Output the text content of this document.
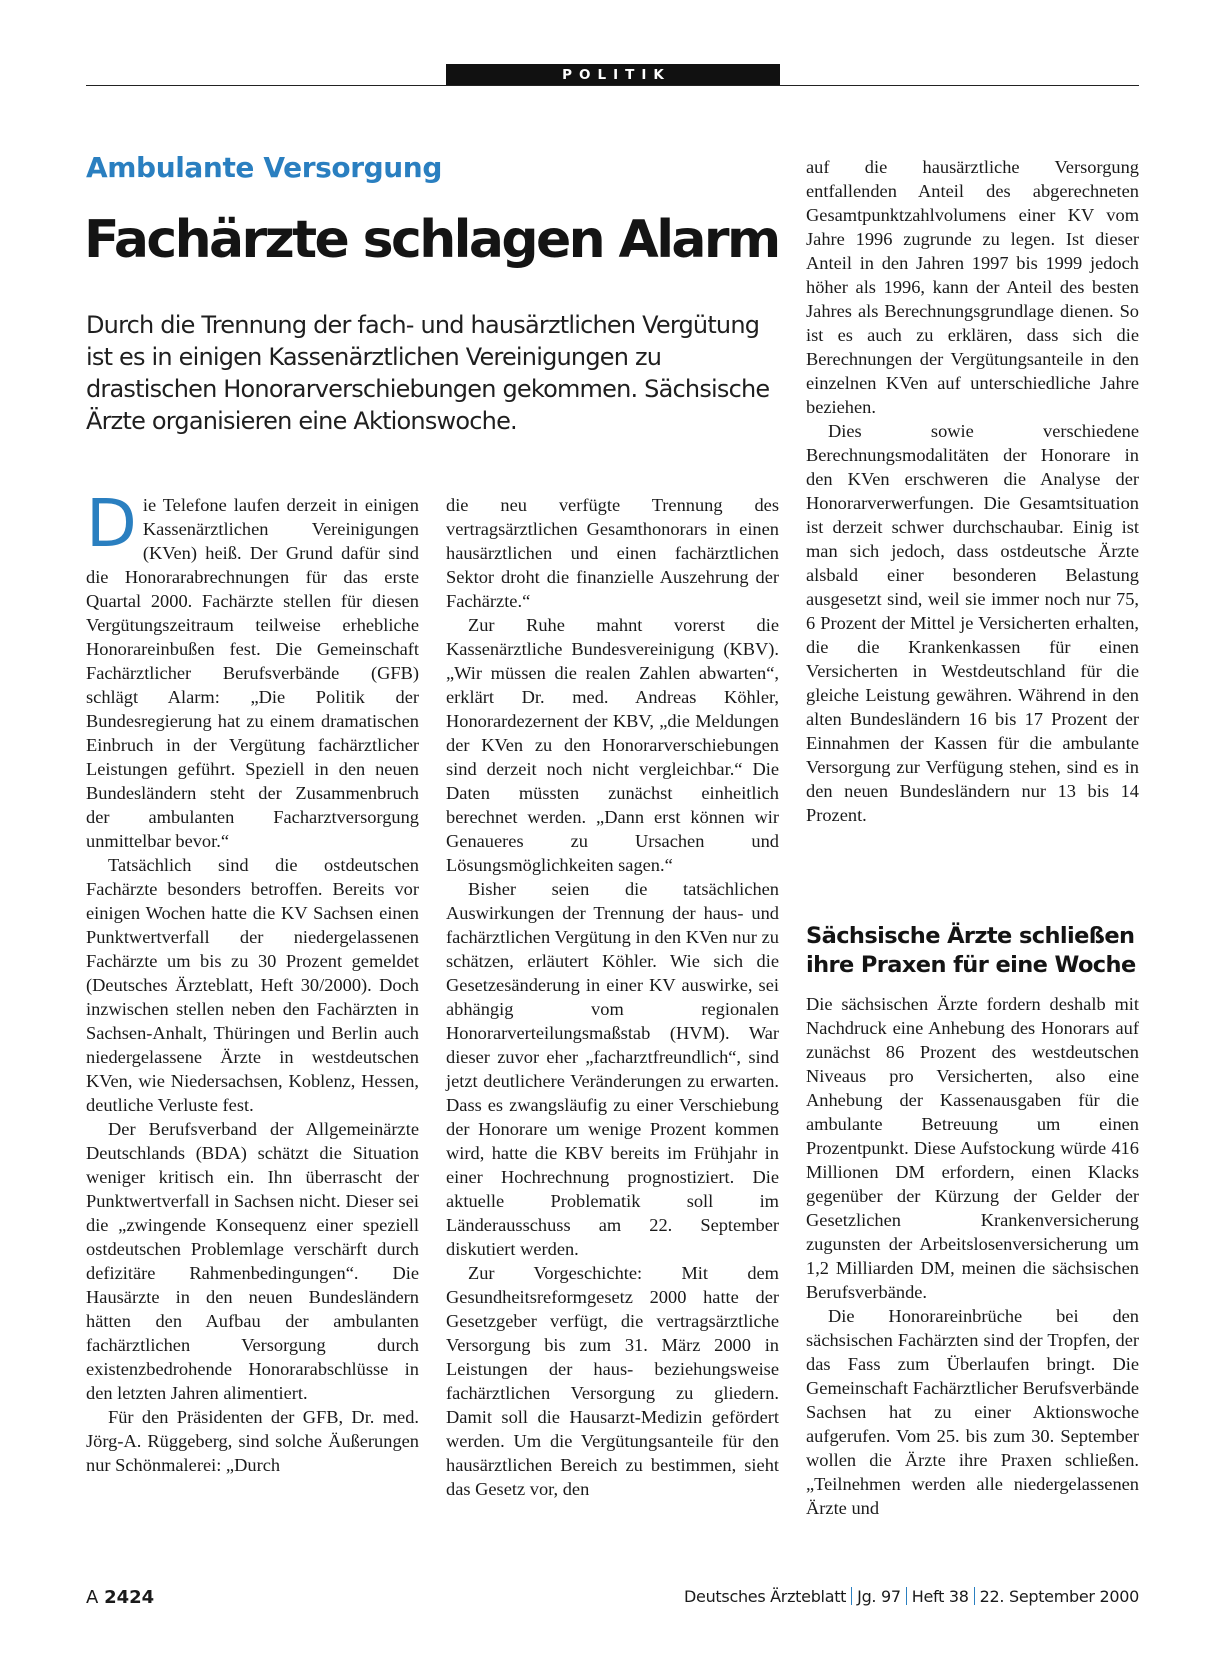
POLITIK
Ambulante Versorgung
Fachärzte schlagen Alarm

Durch die Trennung der fach- und hausärztlichen Vergütung ist es in einigen Kassenärztlichen Vereinigungen zu drastischen Honorarverschiebungen gekommen. Sächsische Ärzte organisieren eine Aktionswoche.

Die Telefone laufen derzeit in einigen Kassenärztlichen Vereinigungen (KVen) heiß. Der Grund dafür sind die Honorarabrechnungen für das erste Quartal 2000. Fachärzte stellen für diesen Vergütungszeitraum teilweise erhebliche Honorareinbußen fest. Die Gemeinschaft Fachärztlicher Berufsverbände (GFB) schlägt Alarm: „Die Politik der Bundesregierung hat zu einem dramatischen Einbruch in der Vergütung fachärztlicher Leistungen geführt. Speziell in den neuen Bundesländern steht der Zusammenbruch der ambulanten Facharztversorgung unmittelbar bevor.“

Tatsächlich sind die ostdeutschen Fachärzte besonders betroffen. Bereits vor einigen Wochen hatte die KV Sachsen einen Punktwertverfall der niedergelassenen Fachärzte um bis zu 30 Prozent gemeldet (Deutsches Ärzteblatt, Heft 30/2000). Doch inzwischen stellen neben den Fachärzten in Sachsen-Anhalt, Thüringen und Berlin auch niedergelassene Ärzte in westdeutschen KVen, wie Niedersachsen, Koblenz, Hessen, deutliche Verluste fest.

Der Berufsverband der Allgemeinärzte Deutschlands (BDA) schätzt die Situation weniger kritisch ein. Ihn überrascht der Punktwertverfall in Sachsen nicht. Dieser sei die „zwingende Konsequenz einer speziell ostdeutschen Problemlage verschärft durch defizitäre Rahmenbedingungen“. Die Hausärzte in den neuen Bundesländern hätten den Aufbau der ambulanten fachärztlichen Versorgung durch existenzbedrohende Honorarabschlüsse in den letzten Jahren alimentiert.

Für den Präsidenten der GFB, Dr. med. Jörg-A. Rüggeberg, sind solche Äußerungen nur Schönmalerei: „Durch

die neu verfügte Trennung des vertragsärztlichen Gesamthonorars in einen hausärztlichen und einen fachärztlichen Sektor droht die finanzielle Auszehrung der Fachärzte.“

Zur Ruhe mahnt vorerst die Kassenärztliche Bundesvereinigung (KBV). „Wir müssen die realen Zahlen abwarten“, erklärt Dr. med. Andreas Köhler, Honorardezernent der KBV, „die Meldungen der KVen zu den Honorarverschiebungen sind derzeit noch nicht vergleichbar.“ Die Daten müssten zunächst einheitlich berechnet werden. „Dann erst können wir Genaueres zu Ursachen und Lösungsmöglichkeiten sagen.“

Bisher seien die tatsächlichen Auswirkungen der Trennung der haus- und fachärztlichen Vergütung in den KVen nur zu schätzen, erläutert Köhler. Wie sich die Gesetzesänderung in einer KV auswirke, sei abhängig vom regionalen Honorarverteilungsmaßstab (HVM). War dieser zuvor eher „facharztfreundlich“, sind jetzt deutlichere Veränderungen zu erwarten. Dass es zwangsläufig zu einer Verschiebung der Honorare um wenige Prozent kommen wird, hatte die KBV bereits im Frühjahr in einer Hochrechnung prognostiziert. Die aktuelle Problematik soll im Länderausschuss am 22. September diskutiert werden.

Zur Vorgeschichte: Mit dem Gesundheitsreformgesetz 2000 hatte der Gesetzgeber verfügt, die vertragsärztliche Versorgung bis zum 31. März 2000 in Leistungen der haus- beziehungsweise fachärztlichen Versorgung zu gliedern. Damit soll die Hausarzt-Medizin gefördert werden. Um die Vergütungsanteile für den hausärztlichen Bereich zu bestimmen, sieht das Gesetz vor, den

auf die hausärztliche Versorgung entfallenden Anteil des abgerechneten Gesamtpunktzahlvolumens einer KV vom Jahre 1996 zugrunde zu legen. Ist dieser Anteil in den Jahren 1997 bis 1999 jedoch höher als 1996, kann der Anteil des besten Jahres als Berechnungsgrundlage dienen. So ist es auch zu erklären, dass sich die Berechnungen der Vergütungsanteile in den einzelnen KVen auf unterschiedliche Jahre beziehen.

Dies sowie verschiedene Berechnungsmodalitäten der Honorare in den KVen erschweren die Analyse der Honorarverwerfungen. Die Gesamtsituation ist derzeit schwer durchschaubar. Einig ist man sich jedoch, dass ostdeutsche Ärzte alsbald einer besonderen Belastung ausgesetzt sind, weil sie immer noch nur 75, 6 Prozent der Mittel je Versicherten erhalten, die die Krankenkassen für einen Versicherten in Westdeutschland für die gleiche Leistung gewähren. Während in den alten Bundesländern 16 bis 17 Prozent der Einnahmen der Kassen für die ambulante Versorgung zur Verfügung stehen, sind es in den neuen Bundesländern nur 13 bis 14 Prozent.

Sächsische Ärzte schließen ihre Praxen für eine Woche

Die sächsischen Ärzte fordern deshalb mit Nachdruck eine Anhebung des Honorars auf zunächst 86 Prozent des westdeutschen Niveaus pro Versicherten, also eine Anhebung der Kassenausgaben für die ambulante Betreuung um einen Prozentpunkt. Diese Aufstockung würde 416 Millionen DM erfordern, einen Klacks gegenüber der Kürzung der Gelder der Gesetzlichen Krankenversicherung zugunsten der Arbeitslosenversicherung um 1,2 Milliarden DM, meinen die sächsischen Berufsverbände.

Die Honorareinbrüche bei den sächsischen Fachärzten sind der Tropfen, der das Fass zum Überlaufen bringt. Die Gemeinschaft Fachärztlicher Berufsverbände Sachsen hat zu einer Aktionswoche aufgerufen. Vom 25. bis zum 30. September wollen die Ärzte ihre Praxen schließen. „Teilnehmen werden alle niedergelassenen Ärzte und

A 2424	Deutsches Ärzteblatt Jg. 97 Heft 38 22. September 2000
